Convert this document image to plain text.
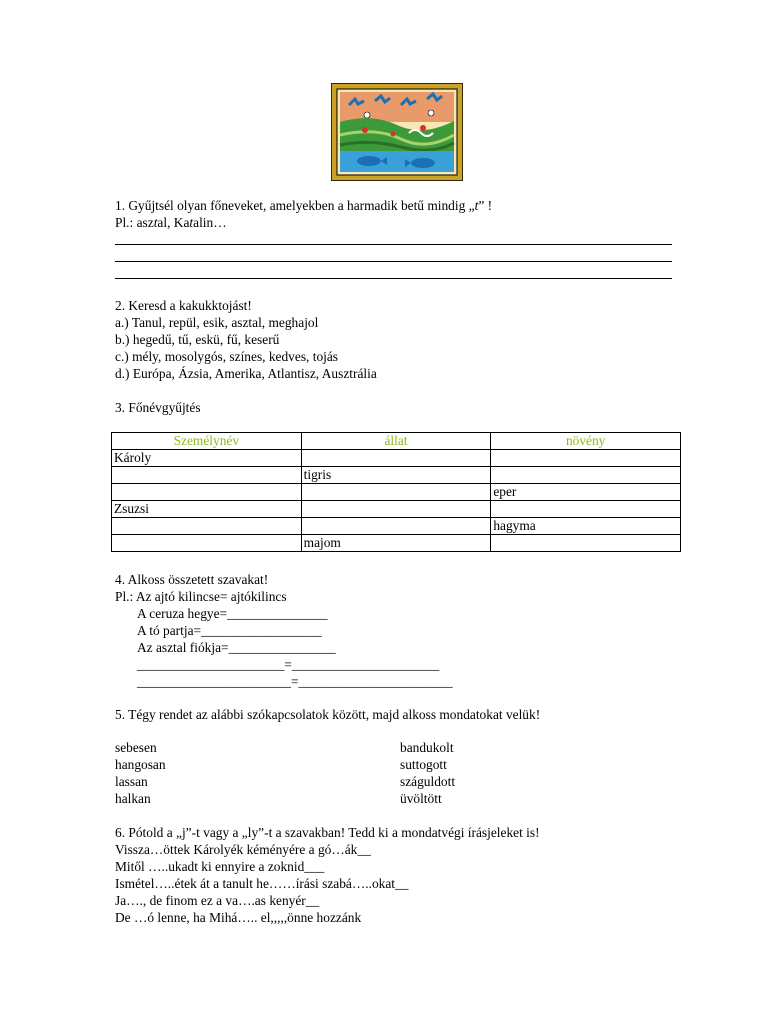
1. Gyűjtsél olyan főneveket, amelyekben a harmadik betű mindig „t” !
Pl.: asztal, Katalin…
2. Keresd a kakukktojást!
a.) Tanul, repül, esik, asztal, meghajol
b.) hegedű, tű, eskü, fű, keserű
c.) mély, mosolygós, színes, kedves, tojás
d.) Európa, Ázsia, Amerika, Atlantisz, Ausztrália
3. Főnévgyűjtés
Személynév	állat	növény
Károly		
	tigris	
		eper
Zsuzsi		
		hagyma
	majom	
4. Alkoss összetett szavakat!
Pl.: Az ajtó kilincse= ajtókilincs
A ceruza hegye=_______________
A tó partja=__________________
Az asztal fiókja=________________
______________________=______________________
_______________________=_______________________
5. Tégy rendet az alábbi szókapcsolatok között, majd alkoss mondatokat velük!
sebesen
hangosan
lassan
halkan
bandukolt
suttogott
száguldott
üvöltött
6. Pótold a „j”-t vagy a „ly”-t a szavakban! Tedd ki a mondatvégi írásjeleket is!
Vissza…öttek Károlyék kéményére a gó…ák__
Mitől …..ukadt ki ennyire a zoknid___
Ismétel…..étek át a tanult he……írási szabá…..okat__
Ja…., de finom ez a va….as kenyér__
De …ó lenne, ha Mihá….. el,,,,,önne hozzánk
